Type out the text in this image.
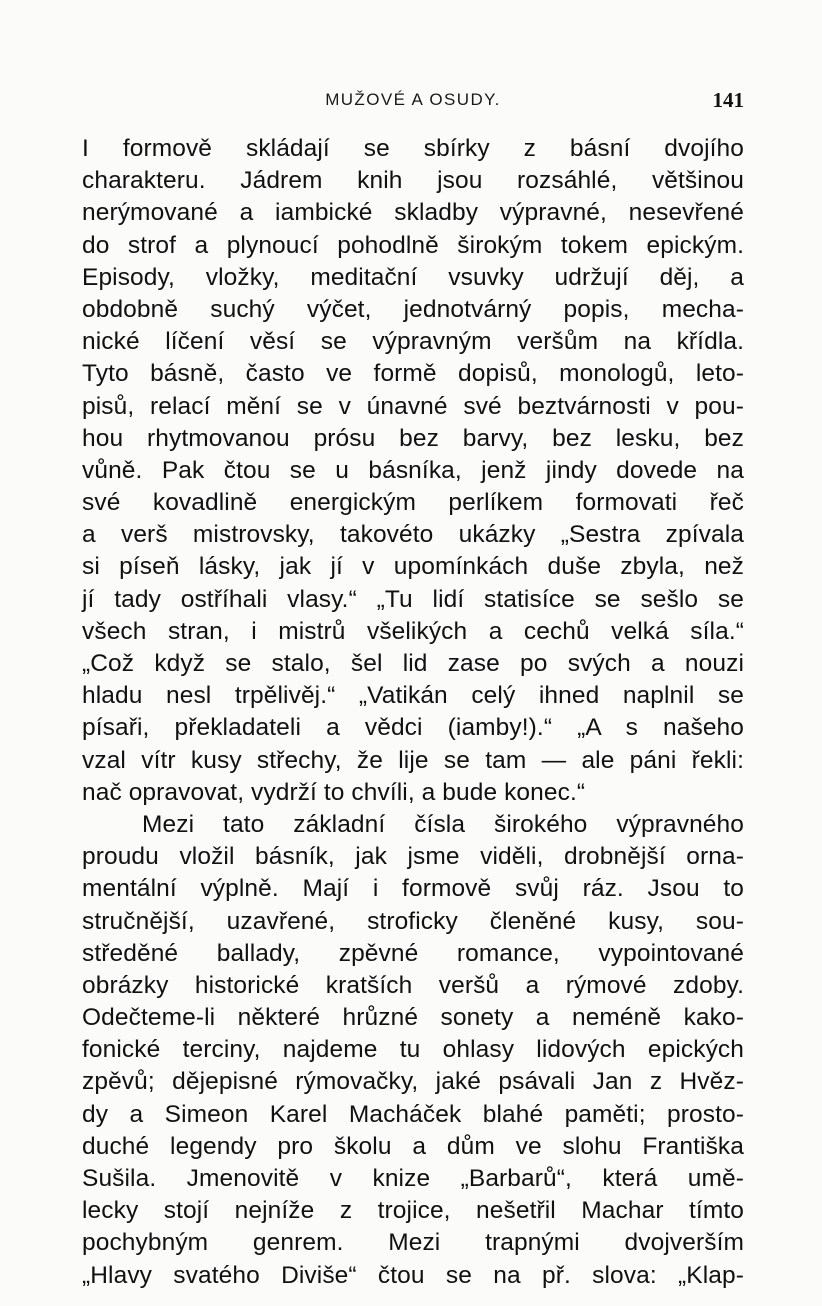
MUŽOVÉ A OSUDY.	141
I formově skládají se sbírky z básní dvojího
charakteru. Jádrem knih jsou rozsáhlé, většinou
nerýmované a iambické skladby výpravné, nesevřené
do strof a plynoucí pohodlně širokým tokem epickým.
Episody, vložky, meditační vsuvky udržují děj, a
obdobně suchý výčet, jednotvárný popis, mecha-
nické líčení věsí se výpravným veršům na křídla.
Tyto básně, často ve formě dopisů, monologů, leto-
pisů, relací mění se v únavné své beztvárnosti v pou-
hou rhytmovanou prósu bez barvy, bez lesku, bez
vůně. Pak čtou se u básníka, jenž jindy dovede na
své kovadlině energickým perlíkem formovati řeč
a verš mistrovsky, takovéto ukázky „Sestra zpívala
si píseň lásky, jak jí v upomínkách duše zbyla, než
jí tady ostříhali vlasy.“ „Tu lidí statisíce se sešlo se
všech stran, i mistrů všelikých a cechů velká síla.“
„Což když se stalo, šel lid zase po svých a nouzi
hladu nesl trpělivěj.“ „Vatikán celý ihned naplnil se
písaři, překladateli a vědci (iamby!).“ „A s našeho
vzal vítr kusy střechy, že lije se tam — ale páni řekli:
nač opravovat, vydrží to chvíli, a bude konec.“
Mezi tato základní čísla širokého výpravného
proudu vložil básník, jak jsme viděli, drobnější orna-
mentální výplně. Mají i formově svůj ráz. Jsou to
stručnější, uzavřené, stroficky členěné kusy, sou-
středěné ballady, zpěvné romance, vypointované
obrázky historické kratších veršů a rýmové zdoby.
Odečteme-li některé hrůzné sonety a neméně kako-
fonické terciny, najdeme tu ohlasy lidových epických
zpěvů; dějepisné rýmovačky, jaké psávali Jan z Hvěz-
dy a Simeon Karel Macháček blahé paměti; prosto-
duché legendy pro školu a dům ve slohu Františka
Sušila. Jmenovitě v knize „Barbarů“, která umě-
lecky stojí nejníže z trojice, nešetřil Machar tímto
pochybným genrem. Mezi trapnými dvojverším
„Hlavy svatého Diviše“ čtou se na př. slova: „Klap-
